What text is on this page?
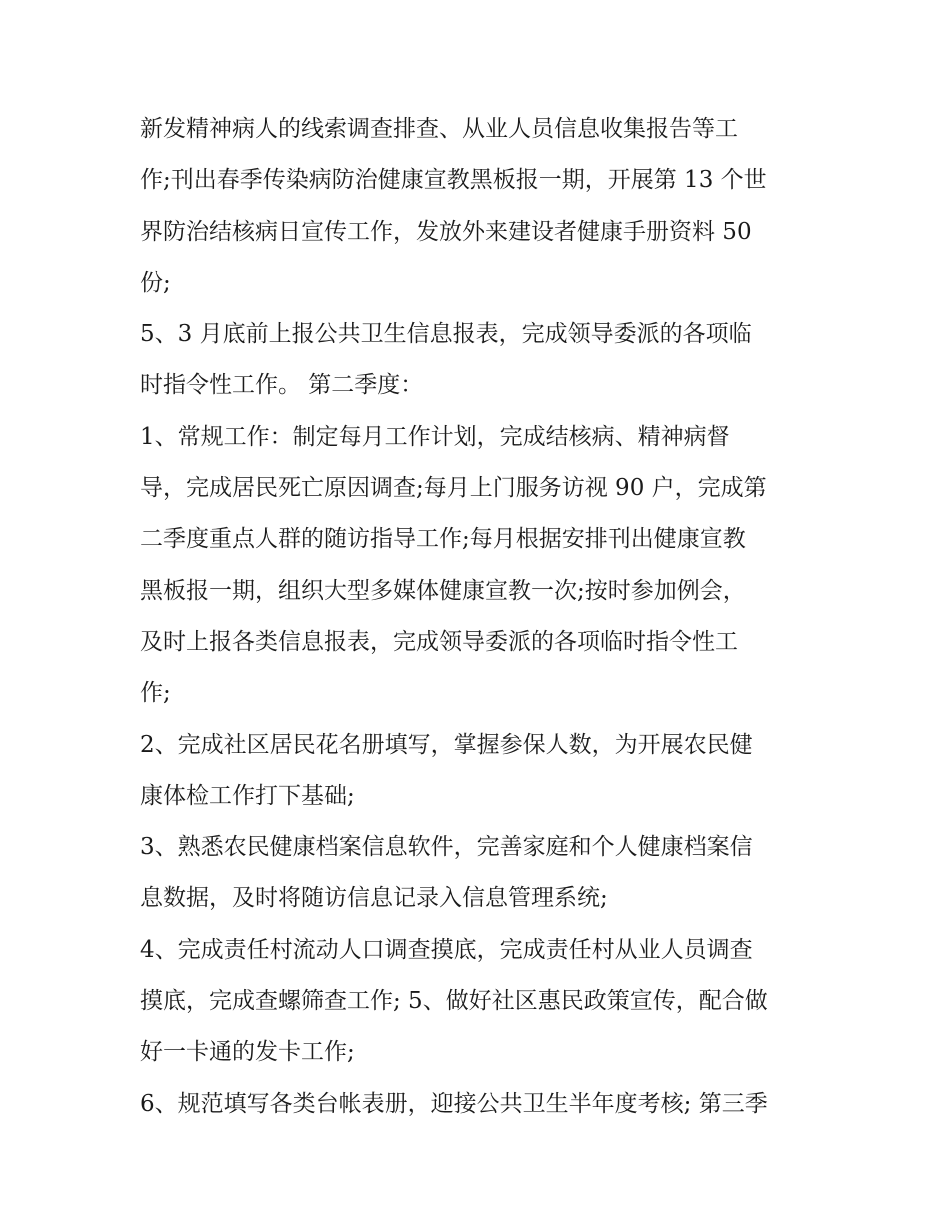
新发精神病人的线索调查排查、从业人员信息收集报告等工
作;刊出春季传染病防治健康宣教黑板报一期，开展第 13 个世
界防治结核病日宣传工作，发放外来建设者健康手册资料 50
份;
5、3 月底前上报公共卫生信息报表，完成领导委派的各项临
时指令性工作。 第二季度：
1、常规工作：制定每月工作计划，完成结核病、精神病督
导，完成居民死亡原因调查;每月上门服务访视 90 户，完成第
二季度重点人群的随访指导工作;每月根据安排刊出健康宣教
黑板报一期，组织大型多媒体健康宣教一次;按时参加例会，
及时上报各类信息报表，完成领导委派的各项临时指令性工
作;
2、完成社区居民花名册填写，掌握参保人数，为开展农民健
康体检工作打下基础;
3、熟悉农民健康档案信息软件，完善家庭和个人健康档案信
息数据，及时将随访信息记录入信息管理系统;
4、完成责任村流动人口调查摸底，完成责任村从业人员调查
摸底，完成查螺筛查工作; 5、做好社区惠民政策宣传，配合做
好一卡通的发卡工作;
6、规范填写各类台帐表册，迎接公共卫生半年度考核; 第三季
